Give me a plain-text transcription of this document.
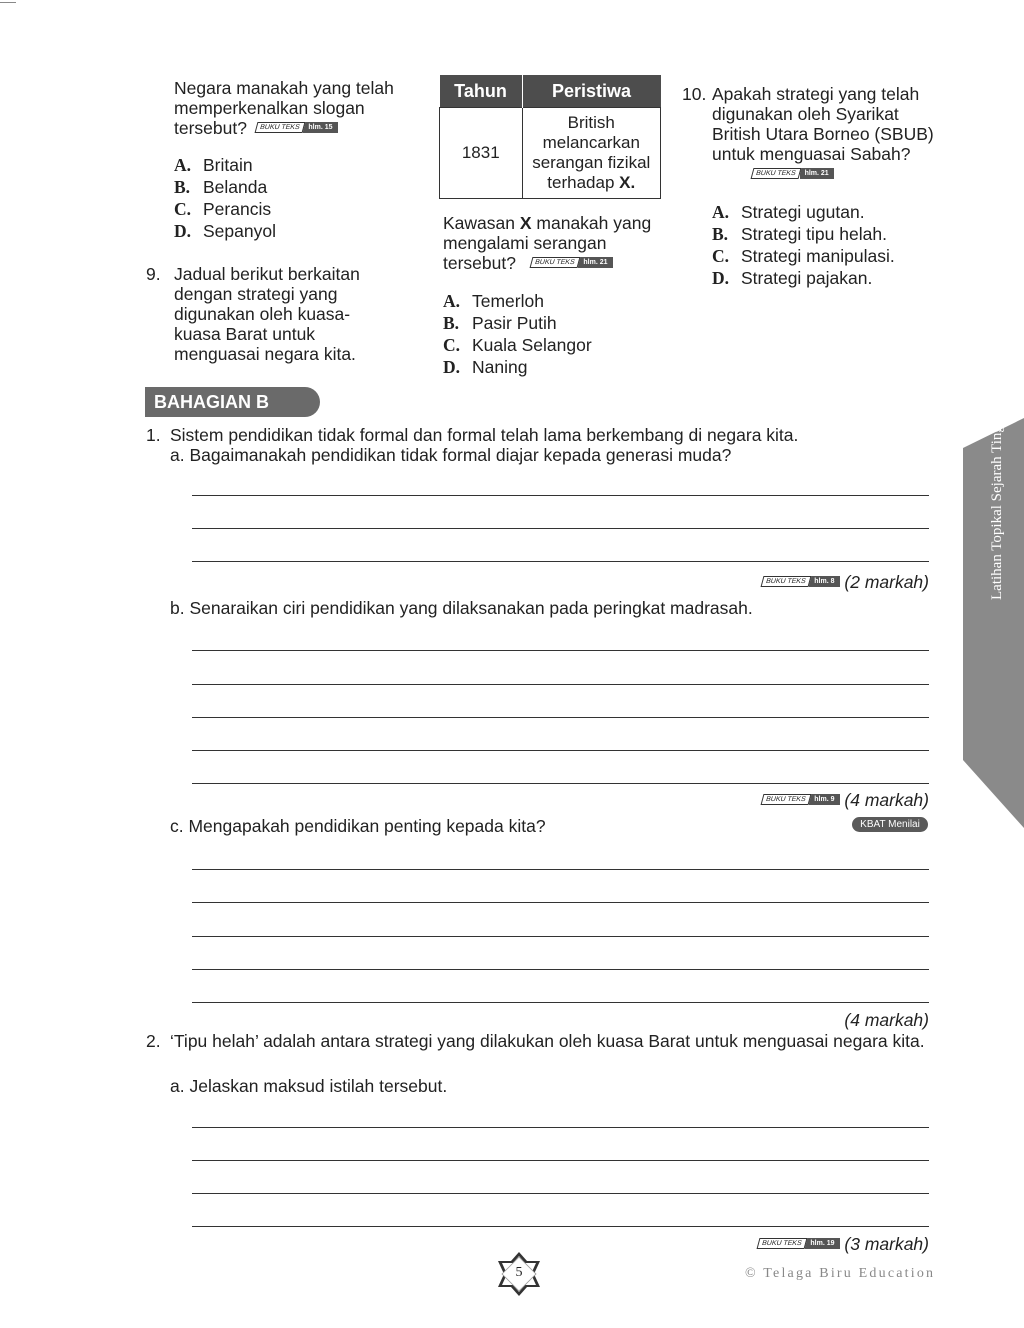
Negara manakah yang telah memperkenalkan slogan tersebut? BUKU TEKS hlm. 15
A. Britain
B. Belanda
C. Perancis
D. Sepanyol
9. Jadual berikut berkaitan dengan strategi yang digunakan oleh kuasa-kuasa Barat untuk menguasai negara kita.
Tahun	Peristiwa
1831	British melancarkan serangan fizikal terhadap X.
Kawasan X manakah yang mengalami serangan tersebut?	BUKU TEKS hlm. 21
A. Temerloh
B. Pasir Putih
C. Kuala Selangor
D. Naning
10. Apakah strategi yang telah digunakan oleh Syarikat British Utara Borneo (SBUB) untuk menguasai Sabah? BUKU TEKS hlm. 21
A. Strategi ugutan.
B. Strategi tipu helah.
C. Strategi manipulasi.
D. Strategi pajakan.
BAHAGIAN B
1. Sistem pendidikan tidak formal dan formal telah lama berkembang di negara kita.
a. Bagaimanakah pendidikan tidak formal diajar kepada generasi muda?
BUKU TEKS hlm. 8 (2 markah)
b. Senaraikan ciri pendidikan yang dilaksanakan pada peringkat madrasah.
BUKU TEKS hlm. 9 (4 markah)
c. Mengapakah pendidikan penting kepada kita?	KBAT Menilai
(4 markah)
2. ‘Tipu helah’ adalah antara strategi yang dilakukan oleh kuasa Barat untuk menguasai negara kita.
a. Jelaskan maksud istilah tersebut.
BUKU TEKS hlm. 19 (3 markah)
5	© Telaga Biru Education
